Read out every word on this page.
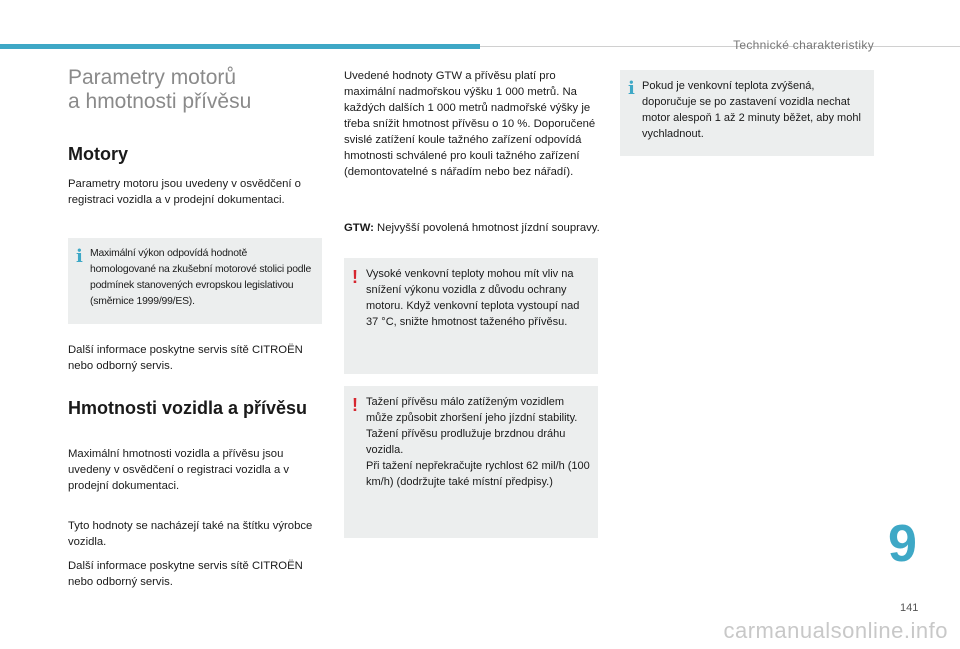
Technické charakteristiky
Parametry motorů
a hmotnosti přívěsu
Motory

Parametry motoru jsou uvedeny v osvědčení o registraci vozidla a v prodejní dokumentaci.

i Maximální výkon odpovídá hodnotě homologované na zkušební motorové stolici podle podmínek stanovených evropskou legislativou (směrnice 1999/99/ES).

Další informace poskytne servis sítě CITROËN nebo odborný servis.

Hmotnosti vozidla a přívěsu

Maximální hmotnosti vozidla a přívěsu jsou uvedeny v osvědčení o registraci vozidla a v prodejní dokumentaci.

Tyto hodnoty se nacházejí také na štítku výrobce vozidla.

Další informace poskytne servis sítě CITROËN nebo odborný servis.

Uvedené hodnoty GTW a přívěsu platí pro maximální nadmořskou výšku 1 000 metrů. Na každých dalších 1 000 metrů nadmořské výšky je třeba snížit hmotnost přívěsu o 10 %. Doporučené svislé zatížení koule tažného zařízení odpovídá hmotnosti schválené pro kouli tažného zařízení (demontovatelné s nářadím nebo bez nářadí).

GTW: Nejvyšší povolená hmotnost jízdní soupravy.

! Vysoké venkovní teploty mohou mít vliv na snížení výkonu vozidla z důvodu ochrany motoru. Když venkovní teplota vystoupí nad 37 °C, snižte hmotnost taženého přívěsu.
! Tažení přívěsu málo zatíženým vozidlem může způsobit zhoršení jeho jízdní stability.
Tažení přívěsu prodlužuje brzdnou dráhu vozidla.
Při tažení nepřekračujte rychlost 62 mil/h (100 km/h) (dodržujte také místní předpisy.)
i Pokud je venkovní teplota zvýšená, doporučuje se po zastavení vozidla nechat motor alespoň 1 až 2 minuty běžet, aby mohl vychladnout.
9
141
carmanualsonline.info
